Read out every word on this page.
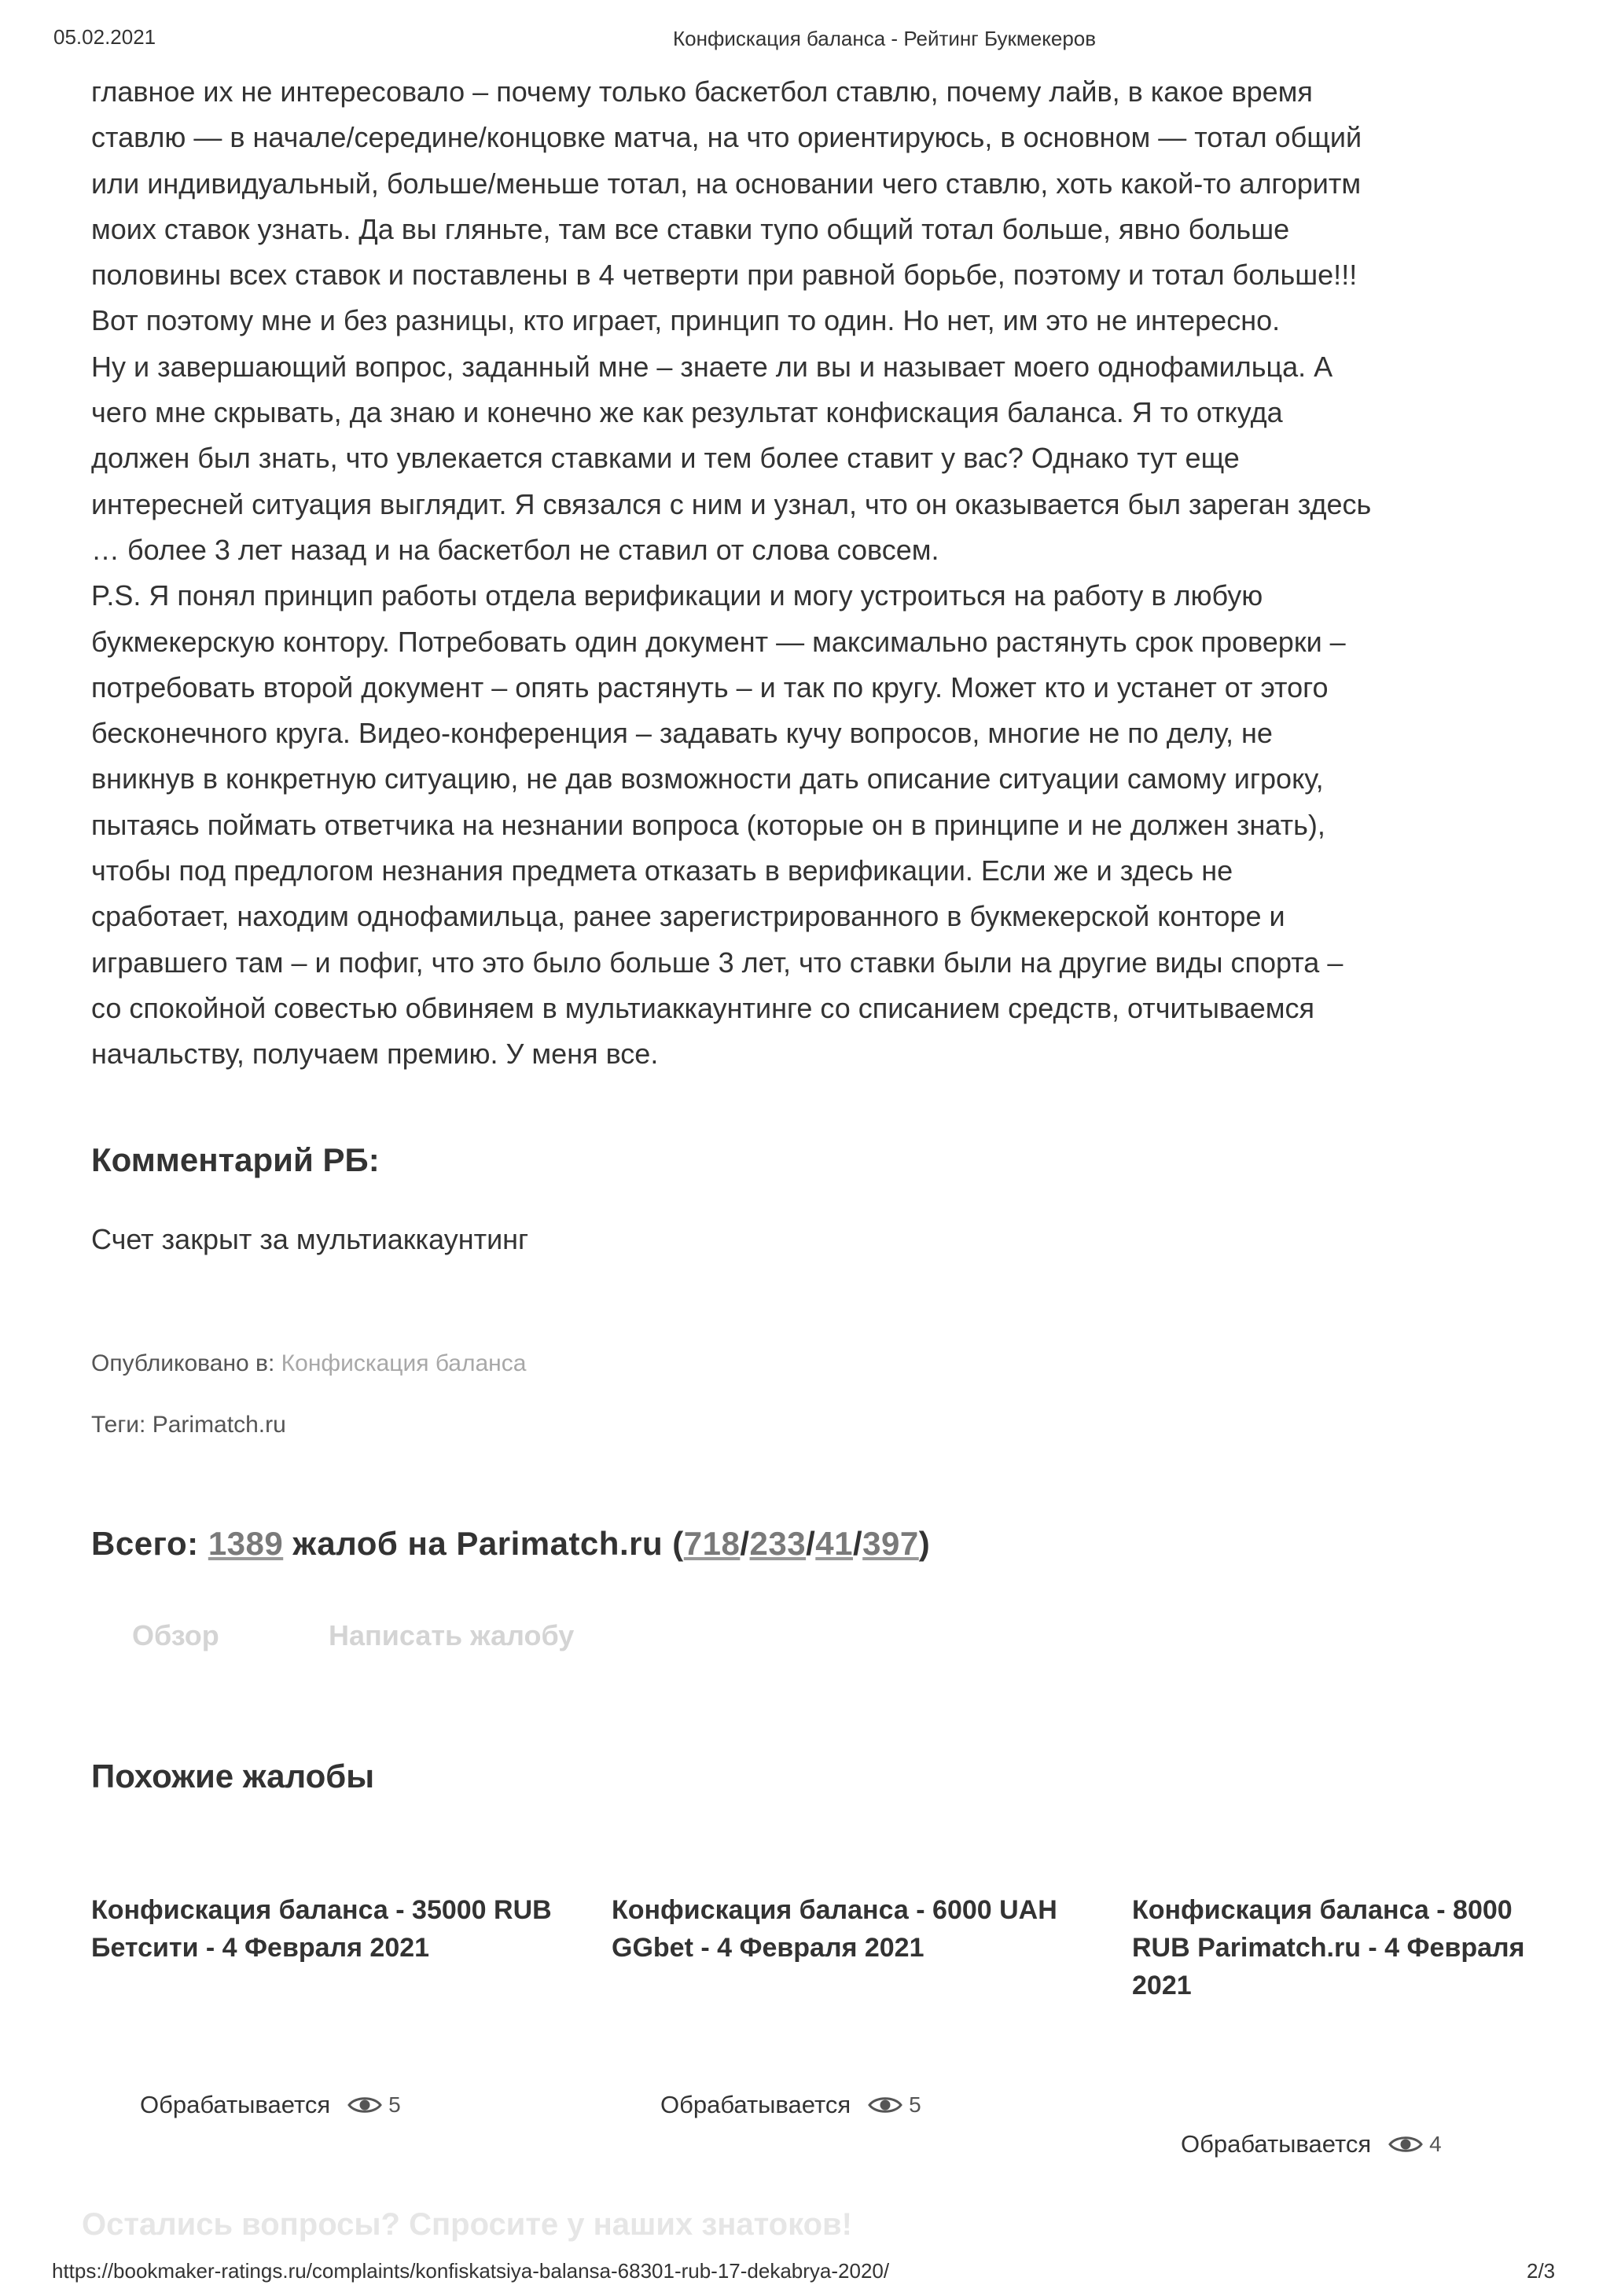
05.02.2021	Конфискация баланса - Рейтинг Букмекеров

главное их не интересовало – почему только баскетбол ставлю, почему лайв, в какое время

ставлю — в начале/середине/концовке матча, на что ориентируюсь, в основном — тотал общий

или индивидуальный, больше/меньше тотал, на основании чего ставлю, хоть какой-то алгоритм

моих ставок узнать. Да вы гляньте, там все ставки тупо общий тотал больше, явно больше

половины всех ставок и поставлены в 4 четверти при равной борьбе, поэтому и тотал больше!!!

Вот поэтому мне и без разницы, кто играет, принцип то один. Но нет, им это не интересно.

Ну и завершающий вопрос, заданный мне – знаете ли вы и называет моего однофамильца. А

чего мне скрывать, да знаю и конечно же как результат конфискация баланса. Я то откуда

должен был знать, что увлекается ставками и тем более ставит у вас? Однако тут еще

интересней ситуация выглядит. Я связался с ним и узнал, что он оказывается был зареган здесь

… более 3 лет назад и на баскетбол не ставил от слова совсем.

P.S. Я понял принцип работы отдела верификации и могу устроиться на работу в любую

букмекерскую контору. Потребовать один документ — максимально растянуть срок проверки –

потребовать второй документ – опять растянуть – и так по кругу. Может кто и устанет от этого

бесконечного круга. Видео-конференция – задавать кучу вопросов, многие не по делу, не

вникнув в конкретную ситуацию, не дав возможности дать описание ситуации самому игроку,

пытаясь поймать ответчика на незнании вопроса (которые он в принципе и не должен знать),

чтобы под предлогом незнания предмета отказать в верификации. Если же и здесь не

сработает, находим однофамильца, ранее зарегистрированного в букмекерской конторе и

игравшего там – и пофиг, что это было больше 3 лет, что ставки были на другие виды спорта –

со спокойной совестью обвиняем в мультиаккаунтинге со списанием средств, отчитываемся

начальству, получаем премию. У меня все.

Комментарий РБ:
Счет закрыт за мультиаккаунтинг
Опубликовано в: Конфискация баланса
Теги: Parimatch.ru
Всего: 1389 жалоб на Parimatch.ru (718/233/41/397)
Обзор	Написать жалобу
Похожие жалобы

Конфискация баланса - 35000 RUB Бетсити - 4 Февраля 2021

Обрабатывается	5

Конфискация баланса - 6000 UAH GGbet - 4 Февраля 2021

Обрабатывается	5

Конфискация баланса - 8000 RUB Parimatch.ru - 4 Февраля 2021

Обрабатывается	4
Остались вопросы? Спросите у наших знатоков!
https://bookmaker-ratings.ru/complaints/konfiskatsiya-balansa-68301-rub-17-dekabrya-2020/	2/3
